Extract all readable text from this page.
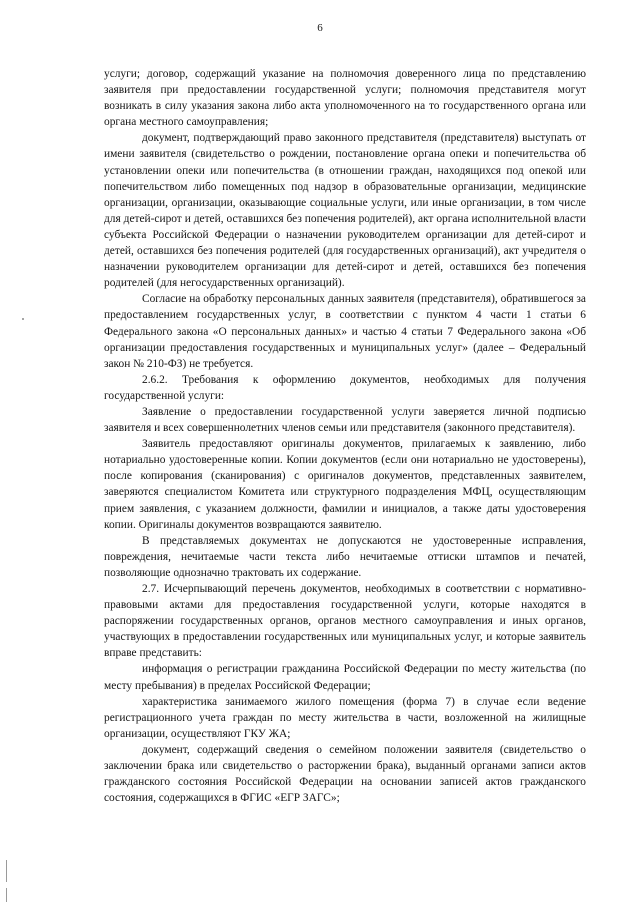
6

услуги; договор, содержащий указание на полномочия доверенного лица по представлению заявителя при предоставлении государственной услуги; полномочия представителя могут возникать в силу указания закона либо акта уполномоченного на то государственного органа или органа местного самоуправления;

документ, подтверждающий право законного представителя (представителя) выступать от имени заявителя (свидетельство о рождении, постановление органа опеки и попечительства об установлении опеки или попечительства (в отношении граждан, находящихся под опекой или попечительством либо помещенных под надзор в образовательные организации, медицинские организации, организации, оказывающие социальные услуги, или иные организации, в том числе для детей-сирот и детей, оставшихся без попечения родителей), акт органа исполнительной власти субъекта Российской Федерации о назначении руководителем организации для детей-сирот и детей, оставшихся без попечения родителей (для государственных организаций), акт учредителя о назначении руководителем организации для детей-сирот и детей, оставшихся без попечения родителей (для негосударственных организаций).

Согласие на обработку персональных данных заявителя (представителя), обратившегося за предоставлением государственных услуг, в соответствии с пунктом 4 части 1 статьи 6 Федерального закона «О персональных данных» и частью 4 статьи 7 Федерального закона «Об организации предоставления государственных и муниципальных услуг» (далее – Федеральный закон № 210-ФЗ) не требуется.

2.6.2. Требования к оформлению документов, необходимых для получения государственной услуги:

Заявление о предоставлении государственной услуги заверяется личной подписью заявителя и всех совершеннолетних членов семьи или представителя (законного представителя).

Заявитель предоставляют оригиналы документов, прилагаемых к заявлению, либо нотариально удостоверенные копии. Копии документов (если они нотариально не удостоверены), после копирования (сканирования) с оригиналов документов, представленных заявителем, заверяются специалистом Комитета или структурного подразделения МФЦ, осуществляющим прием заявления, с указанием должности, фамилии и инициалов, а также даты удостоверения копии. Оригиналы документов возвращаются заявителю.

В представляемых документах не допускаются не удостоверенные исправления, повреждения, нечитаемые части текста либо нечитаемые оттиски штампов и печатей, позволяющие однозначно трактовать их содержание.

2.7. Исчерпывающий перечень документов, необходимых в соответствии с нормативно-правовыми актами для предоставления государственной услуги, которые находятся в распоряжении государственных органов, органов местного самоуправления и иных органов, участвующих в предоставлении государственных или муниципальных услуг, и которые заявитель вправе представить:

информация о регистрации гражданина Российской Федерации по месту жительства (по месту пребывания) в пределах Российской Федерации;

характеристика занимаемого жилого помещения (форма 7) в случае если ведение регистрационного учета граждан по месту жительства в части, возложенной на жилищные организации, осуществляют ГКУ ЖА;

документ, содержащий сведения о семейном положении заявителя (свидетельство о заключении брака или свидетельство о расторжении брака), выданный органами записи актов гражданского состояния Российской Федерации на основании записей актов гражданского состояния, содержащихся в ФГИС «ЕГР ЗАГС»;
